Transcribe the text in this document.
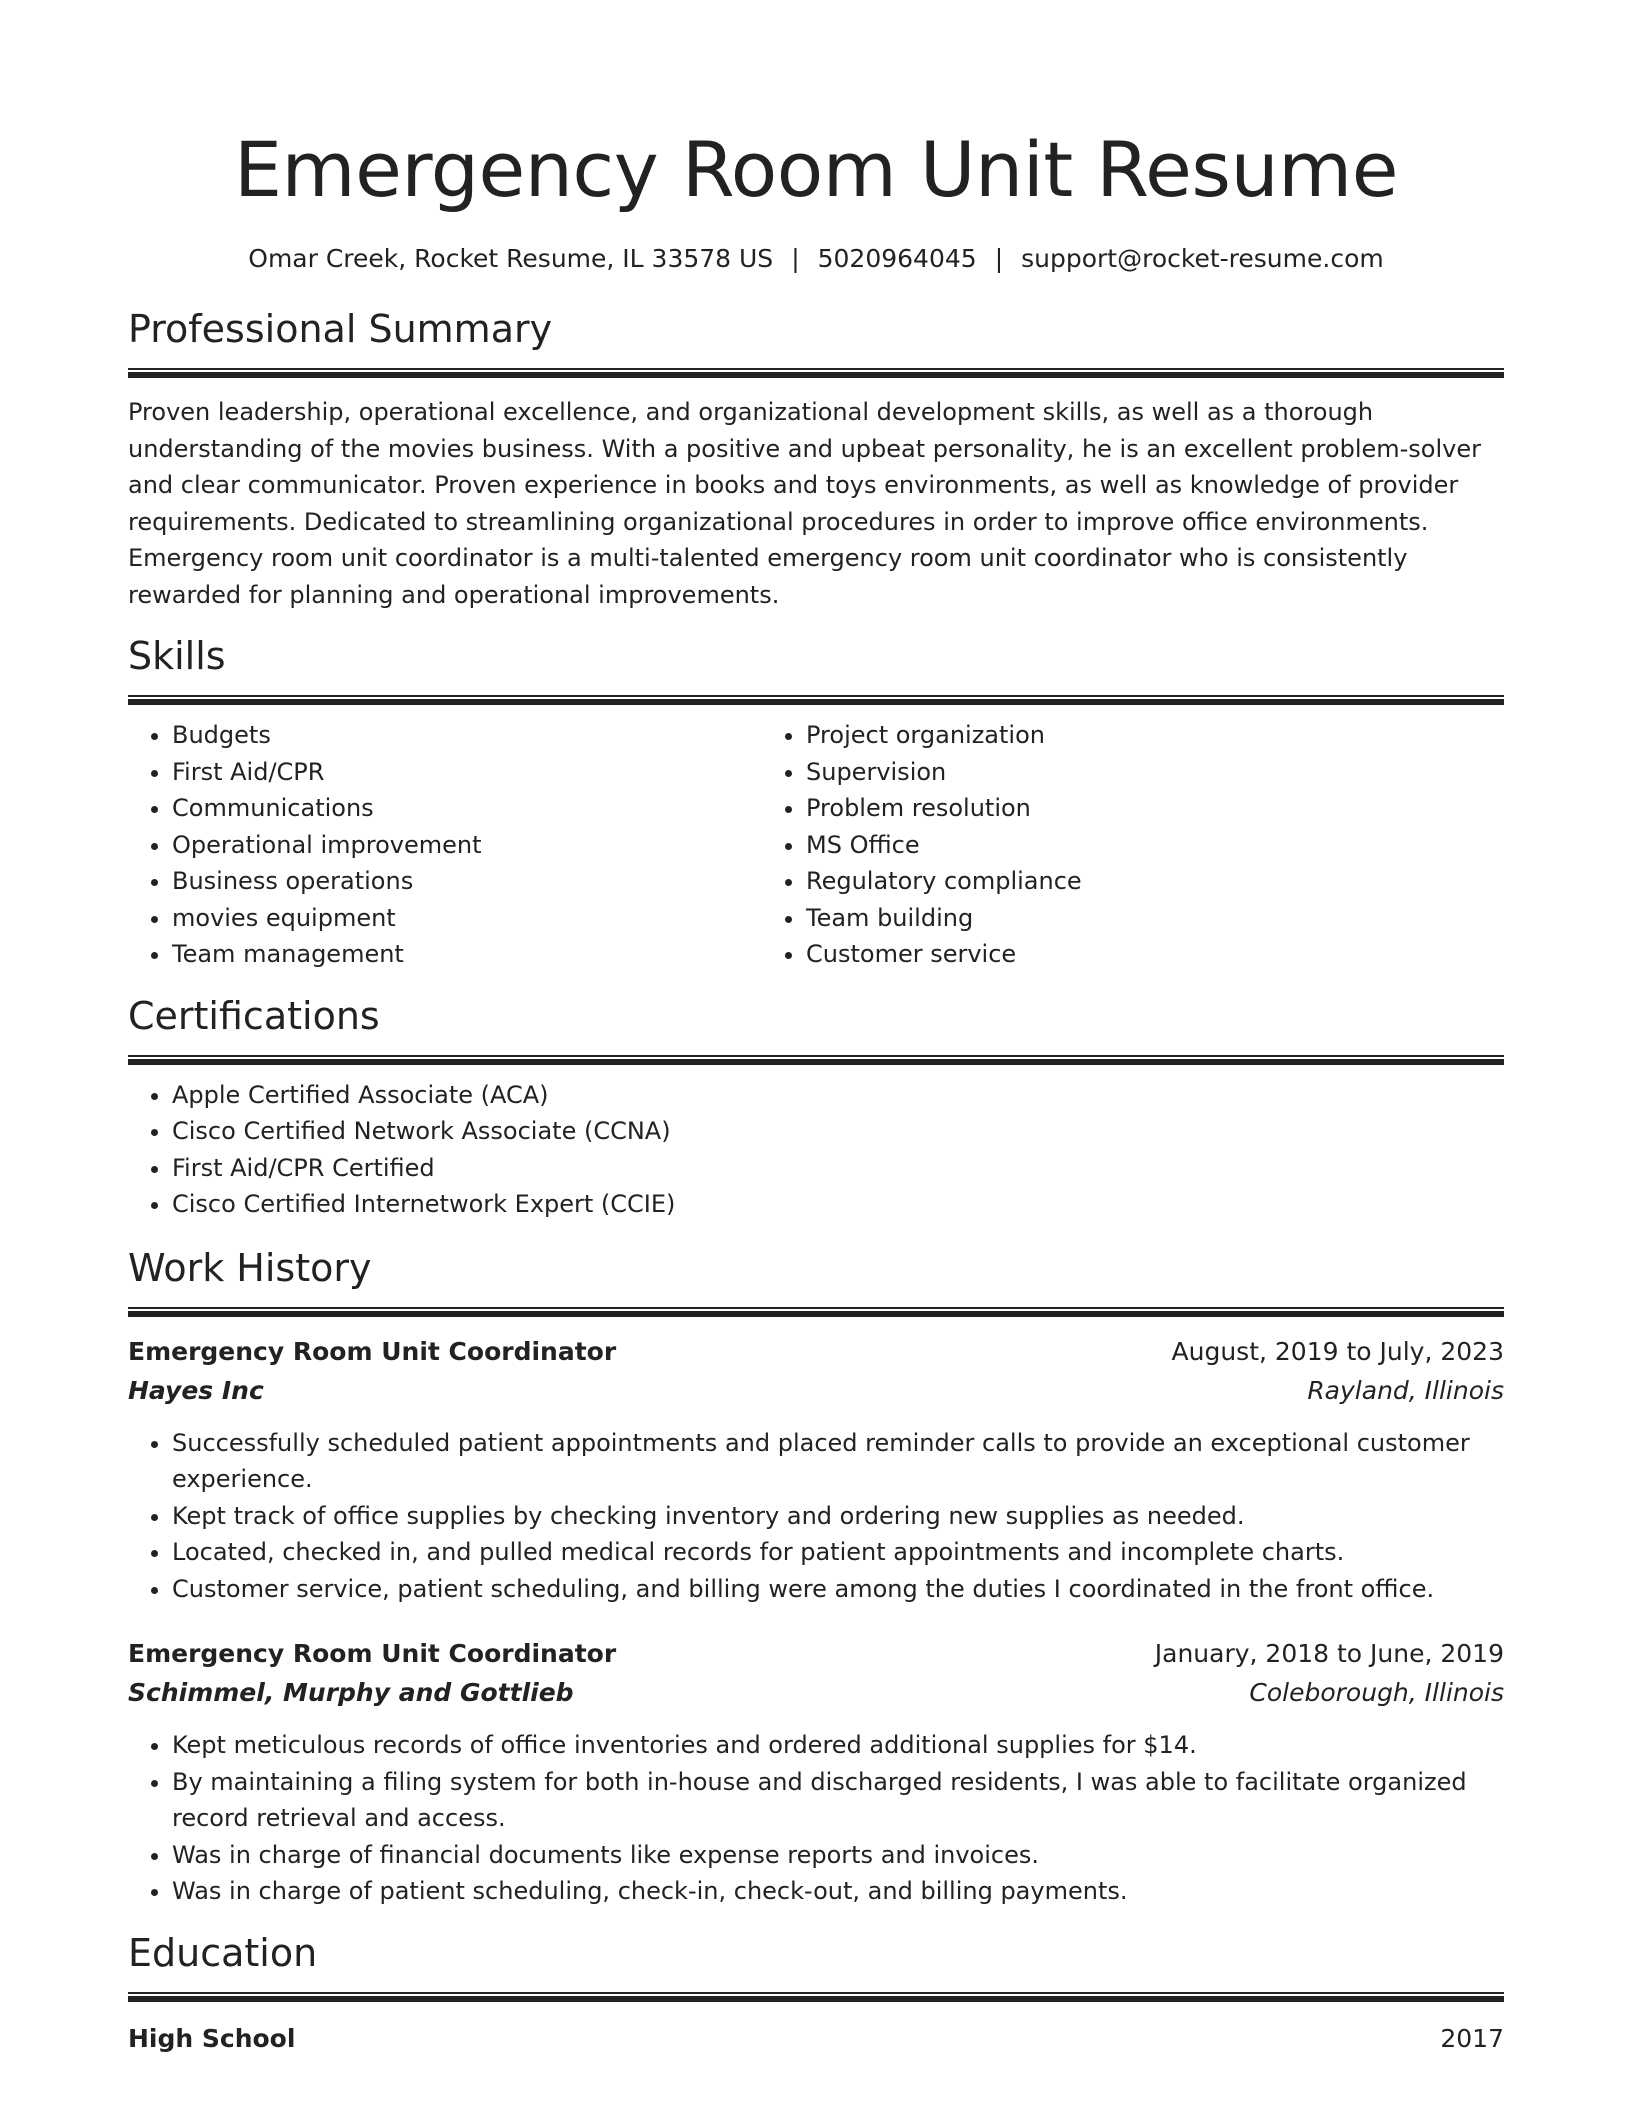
Emergency Room Unit Resume
Omar Creek, Rocket Resume, IL 33578 US | 5020964045 | support@rocket-resume.com
Professional Summary

Proven leadership, operational excellence, and organizational development skills, as well as a thorough understanding of the movies business. With a positive and upbeat personality, he is an excellent problem-solver and clear communicator. Proven experience in books and toys environments, as well as knowledge of provider requirements. Dedicated to streamlining organizational procedures in order to improve office environments. Emergency room unit coordinator is a multi-talented emergency room unit coordinator who is consistently rewarded for planning and operational improvements.

Skills
• Budgets
• First Aid/CPR
• Communications
• Operational improvement
• Business operations
• movies equipment
• Team management
• Project organization
• Supervision
• Problem resolution
• MS Office
• Regulatory compliance
• Team building
• Customer service
Certifications
• Apple Certified Associate (ACA)
• Cisco Certified Network Associate (CCNA)
• First Aid/CPR Certified
• Cisco Certified Internetwork Expert (CCIE)
Work History
Emergency Room Unit Coordinator	August, 2019 to July, 2023
Hayes Inc	Rayland, Illinois
• Successfully scheduled patient appointments and placed reminder calls to provide an exceptional customer experience.
• Kept track of office supplies by checking inventory and ordering new supplies as needed.
• Located, checked in, and pulled medical records for patient appointments and incomplete charts.
• Customer service, patient scheduling, and billing were among the duties I coordinated in the front office.
Emergency Room Unit Coordinator	January, 2018 to June, 2019
Schimmel, Murphy and Gottlieb	Coleborough, Illinois
• Kept meticulous records of office inventories and ordered additional supplies for $14.
• By maintaining a filing system for both in-house and discharged residents, I was able to facilitate organized record retrieval and access.
• Was in charge of financial documents like expense reports and invoices.
• Was in charge of patient scheduling, check-in, check-out, and billing payments.
Education
High School	2017
